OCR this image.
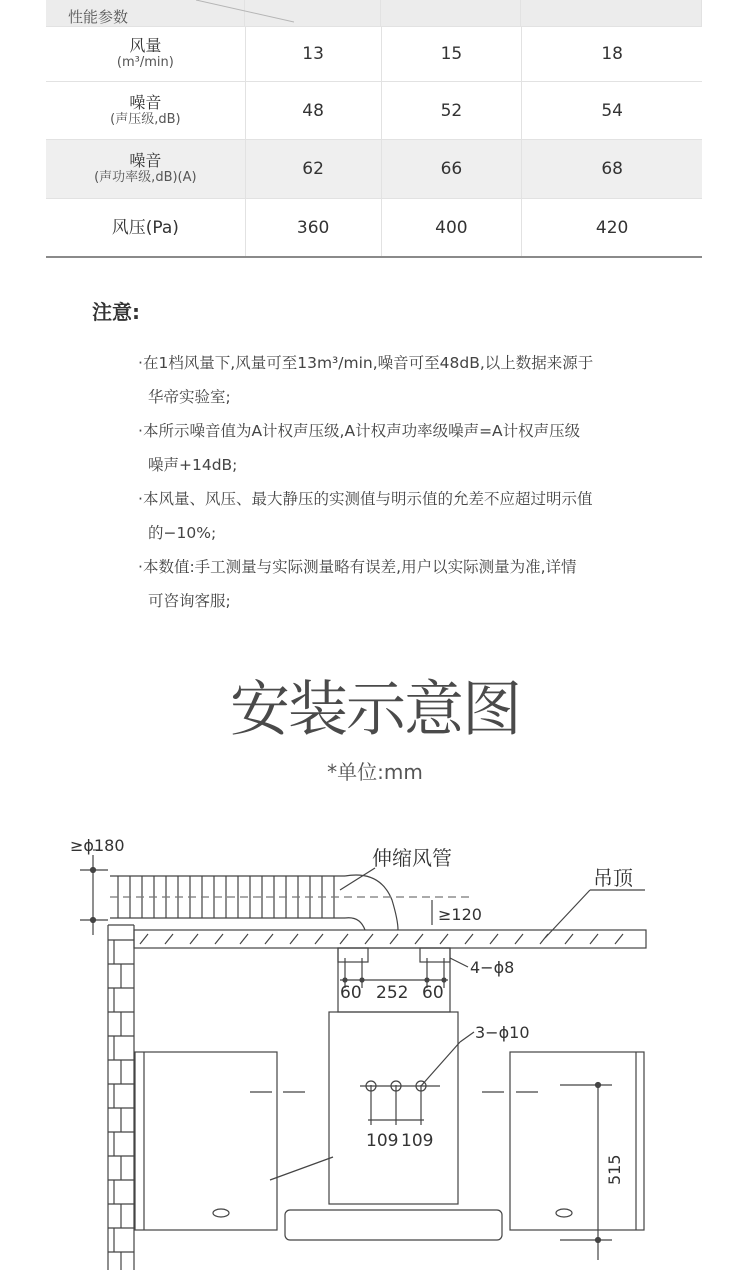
性能参数
风量
(m³/min)	13	15	18
噪音
(声压级,dB)	48	52	54
噪音
(声功率级,dB)(A)	62	66	68
风压(Pa)	360	400	420
注意:
· 在1档风量下,风量可至13m³/min,噪音可至48dB,以上数据来源于
华帝实验室;
· 本所示噪音值为A计权声压级,A计权声功率级噪声=A计权声压级
噪声+14dB;
· 本风量、风压、最大静压的实测值与明示值的允差不应超过明示值
的−10%;
· 本数值:手工测量与实际测量略有误差,用户以实际测量为准,详情
可咨询客服;
安装示意图
*单位:mm
≥ϕ180
伸缩风管
≥120
吊顶
4−ϕ8
60 252 60
3−ϕ10
109 109
515
